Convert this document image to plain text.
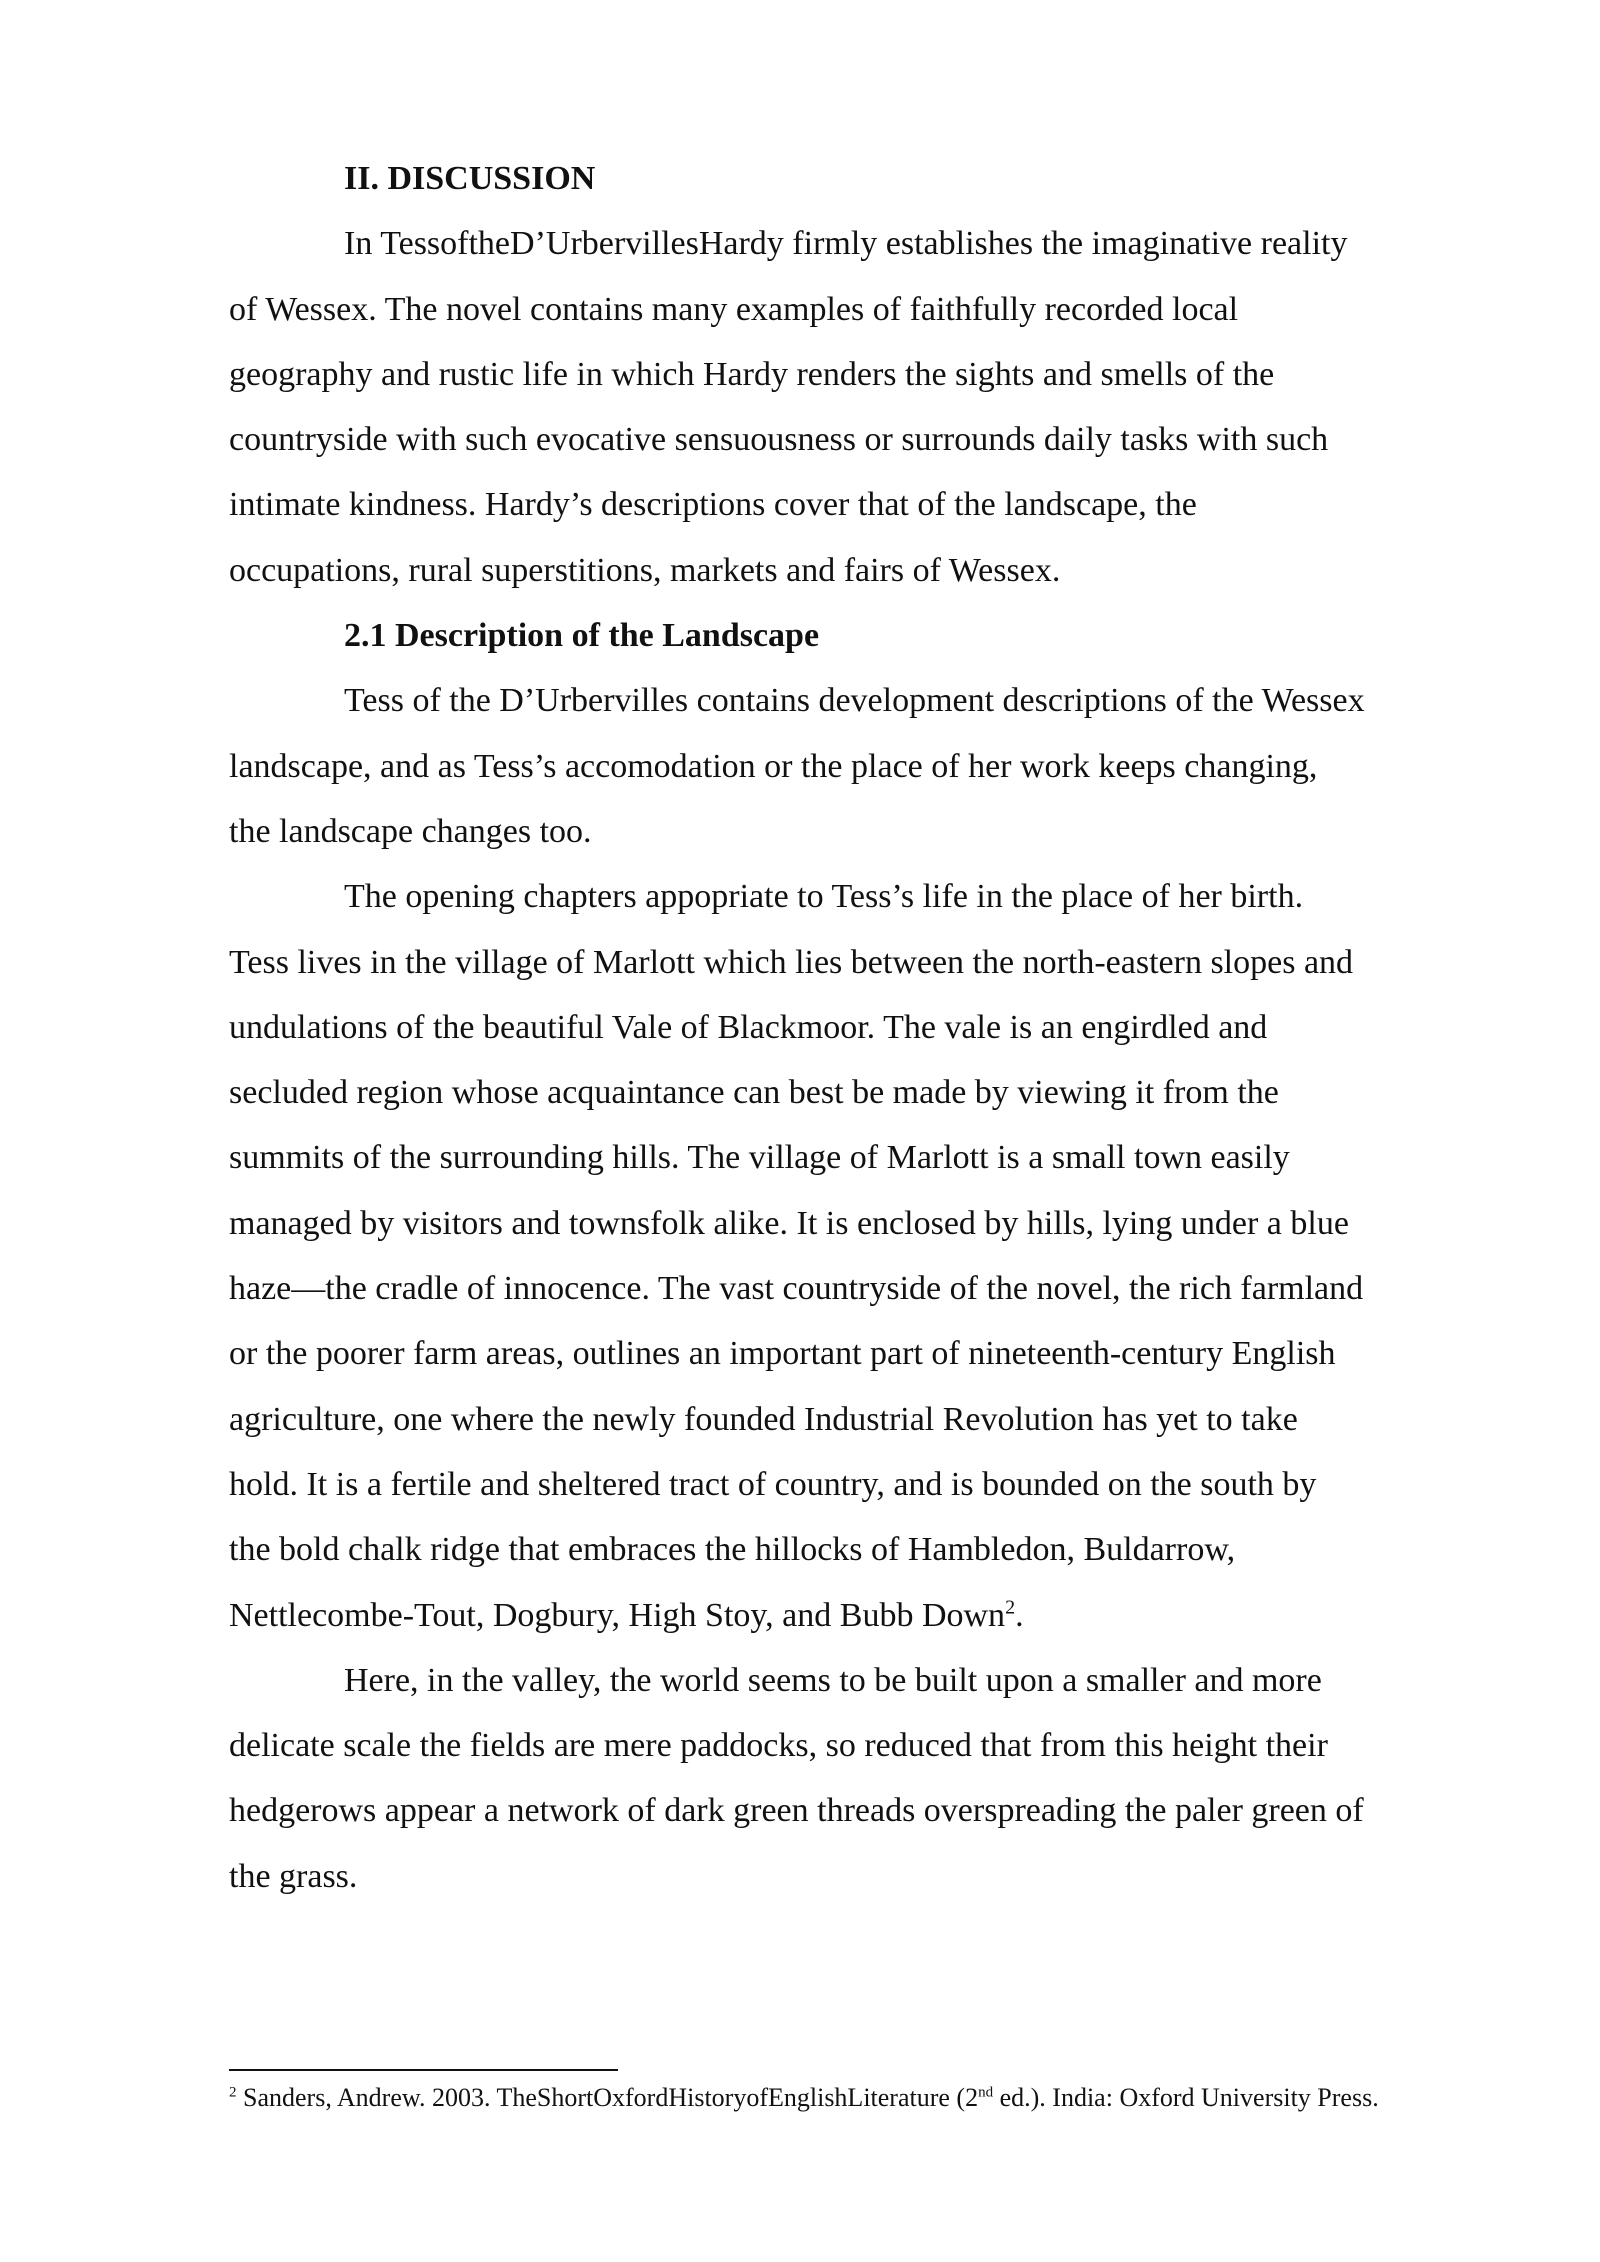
II. DISCUSSION
In TessoftheD’UrbervillesHardy firmly establishes the imaginative reality
of Wessex. The novel contains many examples of faithfully recorded local
geography and rustic life in which Hardy renders the sights and smells of the
countryside with such evocative sensuousness or surrounds daily tasks with such
intimate kindness. Hardy’s descriptions cover that of the landscape, the
occupations, rural superstitions, markets and fairs of Wessex.
2.1 Description of the Landscape
Tess of the D’Urbervilles contains development descriptions of the Wessex
landscape, and as Tess’s accomodation or the place of her work keeps changing,
the landscape changes too.
The opening chapters appopriate to Tess’s life in the place of her birth.
Tess lives in the village of Marlott which lies between the north-eastern slopes and
undulations of the beautiful Vale of Blackmoor. The vale is an engirdled and
secluded region whose acquaintance can best be made by viewing it from the
summits of the surrounding hills. The village of Marlott is a small town easily
managed by visitors and townsfolk alike. It is enclosed by hills, lying under a blue
haze—the cradle of innocence. The vast countryside of the novel, the rich farmland
or the poorer farm areas, outlines an important part of nineteenth-century English
agriculture, one where the newly founded Industrial Revolution has yet to take
hold. It is a fertile and sheltered tract of country, and is bounded on the south by
the bold chalk ridge that embraces the hillocks of Hambledon, Buldarrow,
Nettlecombe-Tout, Dogbury, High Stoy, and Bubb Down$^2$.
Here, in the valley, the world seems to be built upon a smaller and more
delicate scale the fields are mere paddocks, so reduced that from this height their
hedgerows appear a network of dark green threads overspreading the paler green of
the grass.
$^2$ Sanders, Andrew. 2003. TheShortOxfordHistoryofEnglishLiterature (2nd ed.). India: Oxford University Press.
